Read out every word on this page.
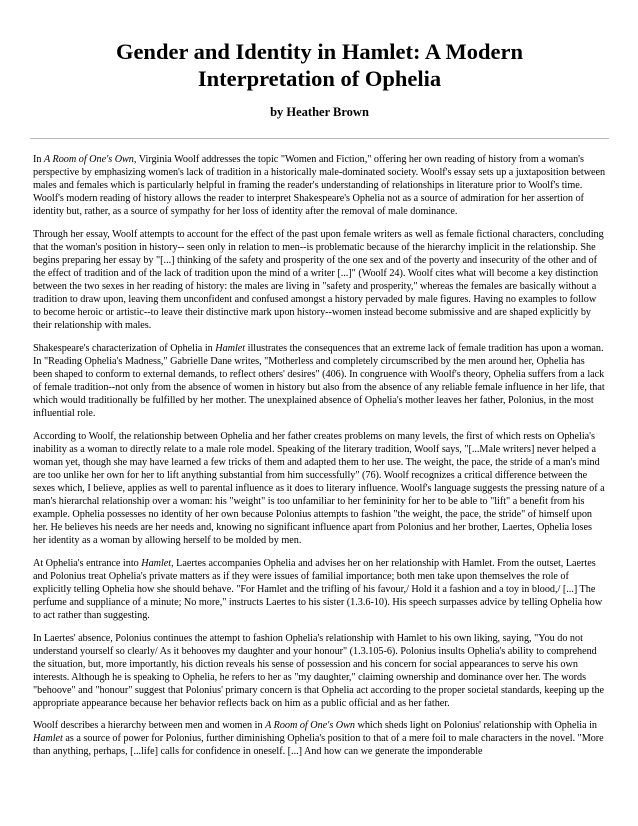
Gender and Identity in Hamlet: A Modern Interpretation of Ophelia
by Heather Brown

In A Room of One's Own, Virginia Woolf addresses the topic "Women and Fiction," offering her own reading of history from a woman's perspective by emphasizing women's lack of tradition in a historically male-dominated society. Woolf's essay sets up a juxtaposition between males and females which is particularly helpful in framing the reader's understanding of relationships in literature prior to Woolf's time. Woolf's modern reading of history allows the reader to interpret Shakespeare's Ophelia not as a source of admiration for her assertion of identity but, rather, as a source of sympathy for her loss of identity after the removal of male dominance.

Through her essay, Woolf attempts to account for the effect of the past upon female writers as well as female fictional characters, concluding that the woman's position in history-- seen only in relation to men--is problematic because of the hierarchy implicit in the relationship. She begins preparing her essay by "[...] thinking of the safety and prosperity of the one sex and of the poverty and insecurity of the other and of the effect of tradition and of the lack of tradition upon the mind of a writer [...]" (Woolf 24). Woolf cites what will become a key distinction between the two sexes in her reading of history: the males are living in "safety and prosperity," whereas the females are basically without a tradition to draw upon, leaving them unconfident and confused amongst a history pervaded by male figures. Having no examples to follow to become heroic or artistic--to leave their distinctive mark upon history--women instead become submissive and are shaped explicitly by their relationship with males.

Shakespeare's characterization of Ophelia in Hamlet illustrates the consequences that an extreme lack of female tradition has upon a woman. In "Reading Ophelia's Madness," Gabrielle Dane writes, "Motherless and completely circumscribed by the men around her, Ophelia has been shaped to conform to external demands, to reflect others' desires" (406). In congruence with Woolf's theory, Ophelia suffers from a lack of female tradition--not only from the absence of women in history but also from the absence of any reliable female influence in her life, that which would traditionally be fulfilled by her mother. The unexplained absence of Ophelia's mother leaves her father, Polonius, in the most influential role.

According to Woolf, the relationship between Ophelia and her father creates problems on many levels, the first of which rests on Ophelia's inability as a woman to directly relate to a male role model. Speaking of the literary tradition, Woolf says, "[...Male writers] never helped a woman yet, though she may have learned a few tricks of them and adapted them to her use. The weight, the pace, the stride of a man's mind are too unlike her own for her to lift anything substantial from him successfully" (76). Woolf recognizes a critical difference between the sexes which, I believe, applies as well to parental influence as it does to literary influence. Woolf's language suggests the pressing nature of a man's hierarchal relationship over a woman: his "weight" is too unfamiliar to her femininity for her to be able to "lift" a benefit from his example. Ophelia possesses no identity of her own because Polonius attempts to fashion "the weight, the pace, the stride" of himself upon her. He believes his needs are her needs and, knowing no significant influence apart from Polonius and her brother, Laertes, Ophelia loses her identity as a woman by allowing herself to be molded by men.

At Ophelia's entrance into Hamlet, Laertes accompanies Ophelia and advises her on her relationship with Hamlet. From the outset, Laertes and Polonius treat Ophelia's private matters as if they were issues of familial importance; both men take upon themselves the role of explicitly telling Ophelia how she should behave. "For Hamlet and the trifling of his favour,/ Hold it a fashion and a toy in blood,/ [...] The perfume and suppliance of a minute; No more," instructs Laertes to his sister (1.3.6-10). His speech surpasses advice by telling Ophelia how to act rather than suggesting.

In Laertes' absence, Polonius continues the attempt to fashion Ophelia's relationship with Hamlet to his own liking, saying, "You do not understand yourself so clearly/ As it behooves my daughter and your honour" (1.3.105-6). Polonius insults Ophelia's ability to comprehend the situation, but, more importantly, his diction reveals his sense of possession and his concern for social appearances to serve his own interests. Although he is speaking to Ophelia, he refers to her as "my daughter," claiming ownership and dominance over her. The words "behoove" and "honour" suggest that Polonius' primary concern is that Ophelia act according to the proper societal standards, keeping up the appropriate appearance because her behavior reflects back on him as a public official and as her father.

Woolf describes a hierarchy between men and women in A Room of One's Own which sheds light on Polonius' relationship with Ophelia in Hamlet as a source of power for Polonius, further diminishing Ophelia's position to that of a mere foil to male characters in the novel. "More than anything, perhaps, [...life] calls for confidence in oneself. [...] And how can we generate the imponderable
